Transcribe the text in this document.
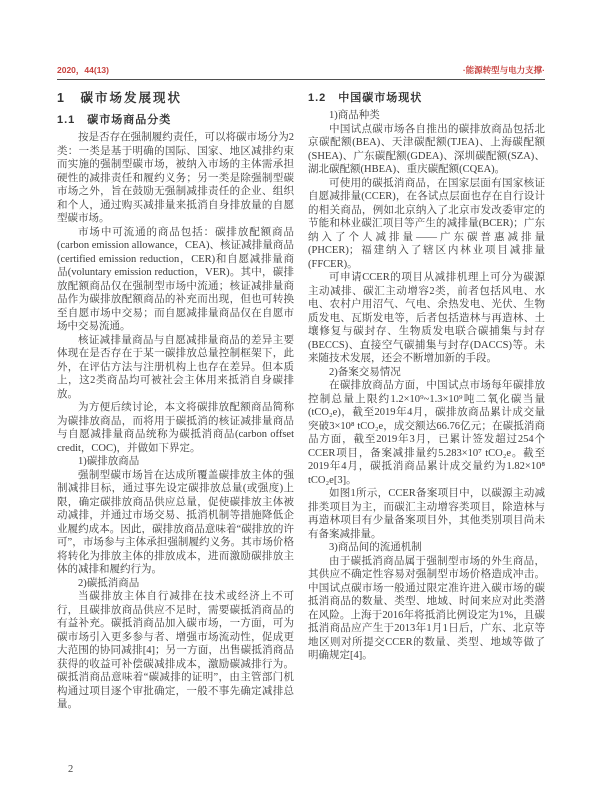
2020，44(13)	·能源转型与电力支撑·
1　碳市场发展现状
1.1　碳市场商品分类

按是否存在强制履约责任，可以将碳市场分为2类：一类是基于明确的国际、国家、地区减排约束而实施的强制型碳市场，被纳入市场的主体需承担硬性的减排责任和履约义务；另一类是除强制型碳市场之外，旨在鼓励无强制减排责任的企业、组织和个人，通过购买减排量来抵消自身排放量的自愿型碳市场。

市场中可流通的商品包括：碳排放配额商品(carbon emission allowance，CEA)、核证减排量商品(certified emission reduction，CER)和自愿减排量商品(voluntary emission reduction，VER)。其中，碳排放配额商品仅在强制型市场中流通；核证减排量商品作为碳排放配额商品的补充而出现，但也可转换至自愿市场中交易；而自愿减排量商品仅在自愿市场中交易流通。

核证减排量商品与自愿减排量商品的差异主要体现在是否存在于某一碳排放总量控制框架下，此外，在评估方法与注册机构上也存在差异。但本质上，这2类商品均可被社会主体用来抵消自身碳排放。

为方便后续讨论，本文将碳排放配额商品简称为碳排放商品，而将用于碳抵消的核证减排量商品与自愿减排量商品统称为碳抵消商品(carbon offset credit，COC)，并做如下界定。

1)碳排放商品

强制型碳市场旨在达成所覆盖碳排放主体的强制减排目标，通过事先设定碳排放总量(或强度)上限，确定碳排放商品供应总量，促使碳排放主体被动减排，并通过市场交易、抵消机制等措施降低企业履约成本。因此，碳排放商品意味着“碳排放的许可”，市场参与主体承担强制履约义务。其市场价格将转化为排放主体的排放成本，进而激励碳排放主体的减排和履约行为。

2)碳抵消商品

当碳排放主体自行减排在技术或经济上不可行，且碳排放商品供应不足时，需要碳抵消商品的有益补充。碳抵消商品加入碳市场，一方面，可为碳市场引入更多参与者、增强市场流动性，促成更大范围的协同减排[4]；另一方面，出售碳抵消商品获得的收益可补偿碳减排成本，激励碳减排行为。碳抵消商品意味着“碳减排的证明”，由主管部门机构通过项目逐个审批确定，一般不事先确定减排总量。

1.2　中国碳市场现状

1)商品种类

中国试点碳市场各自推出的碳排放商品包括北京碳配额(BEA)、天津碳配额(TJEA)、上海碳配额(SHEA)、广东碳配额(GDEA)、深圳碳配额(SZA)、湖北碳配额(HBEA)、重庆碳配额(CQEA)。

可使用的碳抵消商品，在国家层面有国家核证自愿减排量(CCER)，在各试点层面也存在自行设计的相关商品，例如北京纳入了北京市发改委审定的节能和林业碳汇项目等产生的减排量(BCER)；广东纳入了个人减排量——广东碳普惠减排量(PHCER)；福建纳入了辖区内林业项目减排量(FFCER)。

可申请CCER的项目从减排机理上可分为碳源主动减排、碳汇主动增容2类，前者包括风电、水电、农村户用沼气、气电、余热发电、光伏、生物质发电、瓦斯发电等，后者包括造林与再造林、土壤修复与碳封存、生物质发电联合碳捕集与封存(BECCS)、直接空气碳捕集与封存(DACCS)等。未来随技术发展，还会不断增加新的手段。

2)备案交易情况

在碳排放商品方面，中国试点市场每年碳排放控制总量上限约1.2×10⁹~1.3×10⁹吨二氧化碳当量(tCO₂e)，截至2019年4月，碳排放商品累计成交量突破3×10⁸ tCO₂e，成交额达66.76亿元；在碳抵消商品方面，截至2019年3月，已累计签发超过254个CCER项目，备案减排量约5.283×10⁷ tCO₂e。截至2019年4月，碳抵消商品累计成交量约为1.82×10⁸ tCO₂e[3]。

如图1所示，CCER备案项目中，以碳源主动减排类项目为主，而碳汇主动增容类项目，除造林与再造林项目有少量备案项目外，其他类别项目尚未有备案减排量。

3)商品间的流通机制

由于碳抵消商品属于强制型市场的外生商品，其供应不确定性容易对强制型市场价格造成冲击。中国试点碳市场一般通过限定准许进入碳市场的碳抵消商品的数量、类型、地域、时间来应对此类潜在风险。上海于2016年将抵消比例设定为1%，且碳抵消商品应产生于2013年1月1日后，广东、北京等地区则对所提交CCER的数量、类型、地域等做了明确规定[4]。

2
